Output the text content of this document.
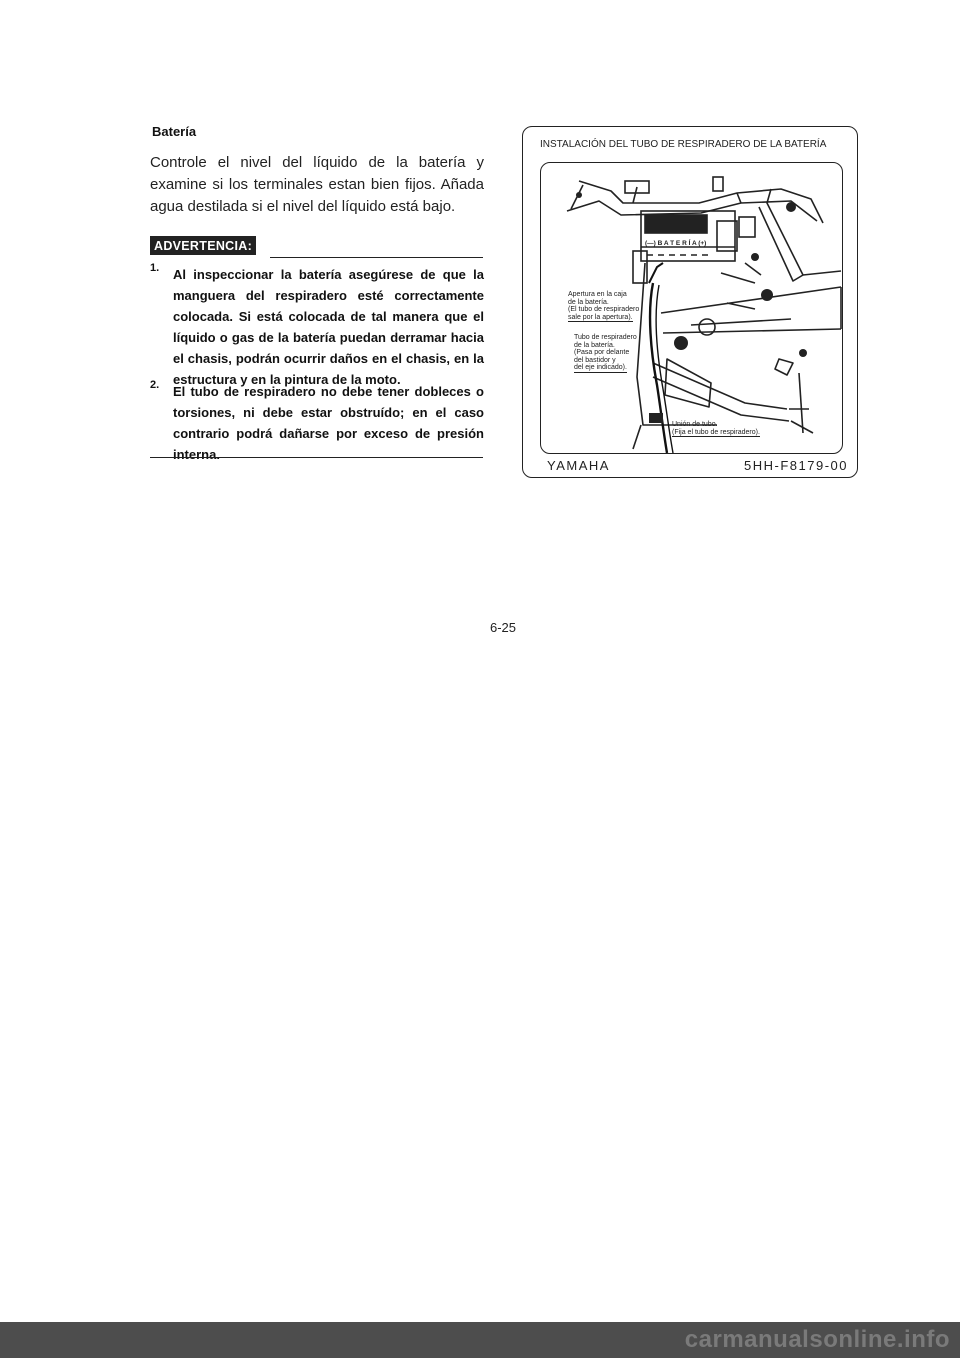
Batería
Controle el nivel del líquido de la batería y examine si los terminales estan bien fijos. Añada agua destilada si el nivel del líquido está bajo.
ADVERTENCIA:
1. Al inspeccionar la batería asegúrese de que la manguera del respiradero esté correctamente colocada. Si está colocada de tal manera que el líquido o gas de la batería puedan derramar hacia el chasis, podrán ocurrir daños en el chasis, en la estructura y en la pintura de la moto.
2. El tubo de respiradero no debe tener dobleces o torsiones, ni debe estar obstruído; en el caso contrario podrá dañarse por exceso de presión interna.
INSTALACIÓN DEL TUBO DE RESPIRADERO DE LA BATERÍA
(—) B A T E R Í A (+)
Apertura en la caja
de la batería.
(El tubo de respiradero
sale por la apertura).
Tubo de respiradero
de la batería.
(Pasa por delante
del bastidor y
del eje indicado).
Unión de tubo.
(Fija el tubo de respiradero).
YAMAHA	5HH-F8179-00
6-25
carmanualsonline.info
